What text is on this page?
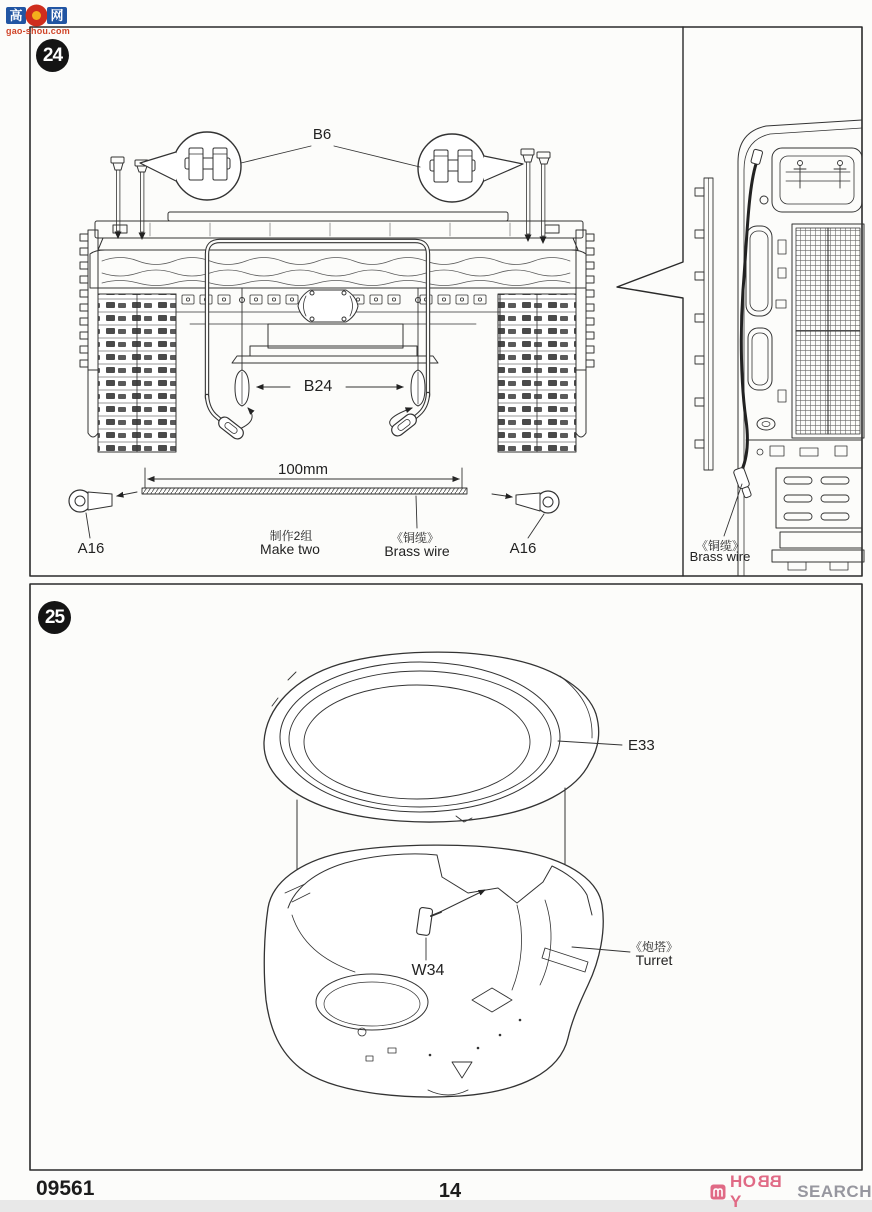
高 网
gao-shou.com
24
25
B6
B24
100mm
A16	A16
制作2组
Make two
《铜缆》
Brass wire	《铜缆》
Brass wire
E33
W34
《炮塔》
Turret
09561	14	HOBBY
SEARCH
